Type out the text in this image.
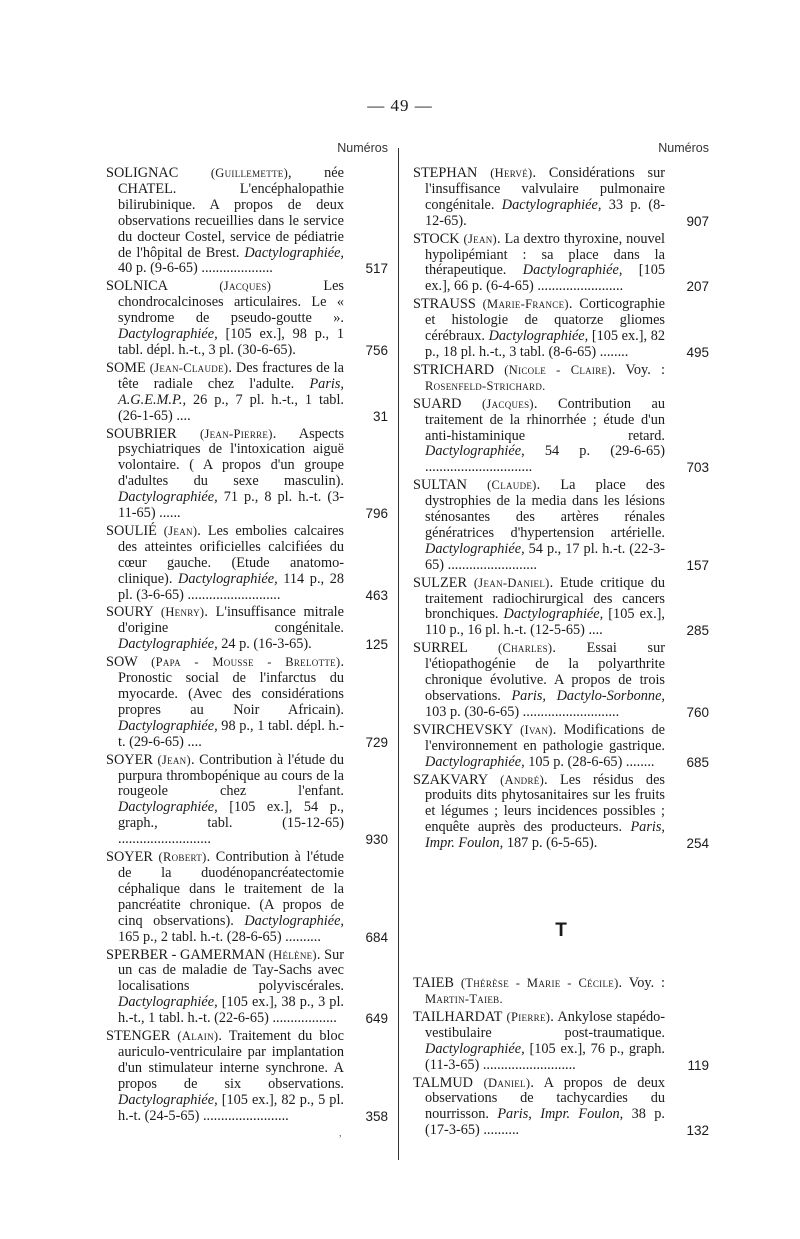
— 49 —
Numéros
SOLIGNAC	(Guillemette), née CHATEL. L'encéphalopathie bilirubinique. A propos de deux observations recueillies dans le service du docteur Costel, service de pédiatrie de l'hôpital de Brest. Dactylographiée, 40 p. (9-6-65) ....................	517
SOLNICA	(Jacques) Les chondrocalcinoses articulaires. Le « syndrome de pseudo-goutte ». Dactylographiée, [105 ex.], 98 p., 1 tabl. dépl. h.-t., 3 pl. (30-6-65).	756
SOME (Jean-Claude). Des fractures de la tête radiale chez l'adulte. Paris, A.G.E.M.P., 26 p., 7 pl. h.-t., 1 tabl. (26-1-65) ....	31
SOUBRIER (Jean-Pierre). Aspects psychiatriques de l'intoxication aiguë volontaire. ( A propos d'un groupe d'adultes du sexe masculin). Dactylographiée, 71 p., 8 pl. h.-t. (3-11-65) ......	796
SOULIÉ (Jean). Les embolies calcaires des atteintes orificielles calcifiées du cœur gauche. (Etude anatomo-clinique). Dactylographiée, 114 p., 28 pl. (3-6-65) ..........................	463
SOURY (Henry). L'insuffisance mitrale d'origine congénitale. Dactylographiée, 24 p. (16-3-65).	125
SOW (Papa - Mousse - Brelotte). Pronostic social de l'infarctus du myocarde. (Avec des considérations propres au Noir Africain). Dactylographiée, 98 p., 1 tabl. dépl. h.-t. (29-6-65) ....	729
SOYER (Jean). Contribution à l'étude du purpura thrombopénique au cours de la rougeole chez l'enfant. Dactylographiée, [105 ex.], 54 p., graph., tabl. (15-12-65) ..........................	930
SOYER (Robert). Contribution à l'étude de la duodénopancréatectomie céphalique dans le traitement de la pancréatite chronique. (A propos de cinq observations). Dactylographiée, 165 p., 2 tabl. h.-t. (28-6-65) ..........	684
SPERBER - GAMERMAN (Hélène). Sur un cas de maladie de Tay-Sachs avec localisations polyviscérales. Dactylographiée, [105 ex.], 38 p., 3 pl. h.-t., 1 tabl. h.-t. (22-6-65) ..................	649
STENGER (Alain). Traitement du bloc auriculo-ventriculaire par implantation d'un stimulateur interne synchrone. A propos de six observations. Dactylographiée, [105 ex.], 82 p., 5 pl. h.-t. (24-5-65) ........................	358
Numéros
STEPHAN (Hervé). Considérations sur l'insuffisance valvulaire pulmonaire congénitale. Dactylographiée, 33 p. (8-12-65).	907
STOCK (Jean). La dextro thyroxine, nouvel hypolipémiant : sa place dans la thérapeutique. Dactylographiée, [105 ex.], 66 p. (6-4-65) ........................	207
STRAUSS (Marie-France). Corticographie et histologie de quatorze gliomes cérébraux. Dactylographiée, [105 ex.], 82 p., 18 pl. h.-t., 3 tabl. (8-6-65) ........	495
STRICHARD (Nicole - Claire). Voy. : Rosenfeld-Strichard.
SUARD (Jacques). Contribution au traitement de la rhinorrhée ; étude d'un anti-histaminique retard. Dactylographiée, 54 p. (29-6-65) ..............................	703
SULTAN (Claude). La place des dystrophies de la media dans les lésions sténosantes des artères rénales génératrices d'hypertension artérielle. Dactylographiée, 54 p., 17 pl. h.-t. (22-3-65) .........................	157
SULZER (Jean-Daniel). Etude critique du traitement radiochirurgical des cancers bronchiques. Dactylographiée, [105 ex.], 110 p., 16 pl. h.-t. (12-5-65) ....	285
SURREL (Charles). Essai sur l'étiopathogénie de la polyarthrite chronique évolutive. A propos de trois observations. Paris, Dactylo-Sorbonne, 103 p. (30-6-65) ...........................	760
SVIRCHEVSKY (Ivan). Modifications de l'environnement en pathologie gastrique. Dactylographiée, 105 p. (28-6-65) ........	685
SZAKVARY (André). Les résidus des produits dits phytosanitaires sur les fruits et légumes ; leurs incidences possibles ; enquête auprès des producteurs. Paris, Impr. Foulon, 187 p. (6-5-65).	254
T
TAIEB (Thérèse - Marie - Cécile). Voy. : Martin-Taieb.
TAILHARDAT (Pierre). Ankylose stapédo-vestibulaire post-traumatique. Dactylographiée, [105 ex.], 76 p., graph. (11-3-65) ..........................	119
TALMUD (Daniel). A propos de deux observations de tachycardies du nourrisson. Paris, Impr. Foulon, 38 p. (17-3-65) ..........	132
,
